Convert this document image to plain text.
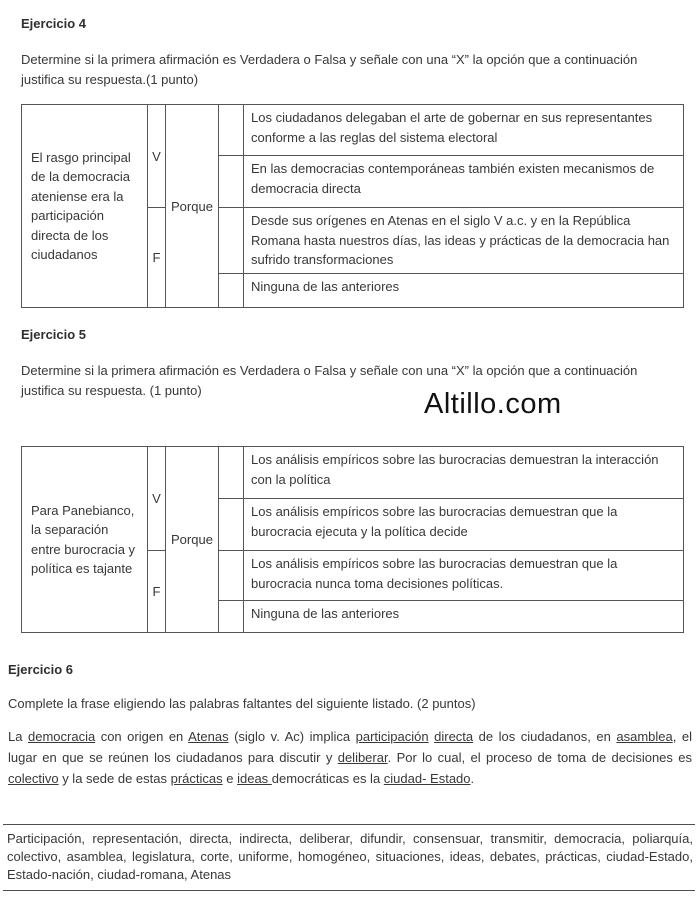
Ejercicio 4

Determine si la primera afirmación es Verdadera o Falsa y señale con una “X” la opción que a continuación justifica su respuesta.(1 punto)

El rasgo principal de la democracia ateniense era la participación directa de los ciudadanos	V	Porque		Los ciudadanos delegaban el arte de gobernar en sus representantes conforme a las reglas del sistema electoral
				En las democracias contemporáneas también existen mecanismos de democracia directa
	F			Desde sus orígenes en Atenas en el siglo V a.c. y en la República Romana hasta nuestros días, las ideas y prácticas de la democracia han sufrido transformaciones
				Ninguna de las anteriores

Ejercicio 5

Determine si la primera afirmación es Verdadera o Falsa y señale con una “X” la opción que a continuación justifica su respuesta. (1 punto)

Para Panebianco, la separación entre burocracia y política es tajante	V	Porque		Los análisis empíricos sobre las burocracias demuestran la interacción con la política
				Los análisis empíricos sobre las burocracias demuestran que la burocracia ejecuta y la política decide
	F			Los análisis empíricos sobre las burocracias demuestran que la burocracia nunca toma decisiones políticas.
				Ninguna de las anteriores
Altillo.com

Ejercicio 6

Complete la frase eligiendo las palabras faltantes del siguiente listado. (2 puntos)

La democracia con origen en Atenas (siglo v. Ac) implica participación directa de los ciudadanos, en asamblea, el lugar en que se reúnen los ciudadanos para discutir y deliberar. Por lo cual, el proceso de toma de decisiones es colectivo y la sede de estas prácticas e ideas democráticas es la ciudad- Estado.

Participación, representación, directa, indirecta, deliberar, difundir, consensuar, transmitir, democracia, poliarquía, colectivo, asamblea, legislatura, corte, uniforme, homogéneo, situaciones, ideas, debates, prácticas, ciudad-Estado, Estado-nación, ciudad-romana, Atenas
